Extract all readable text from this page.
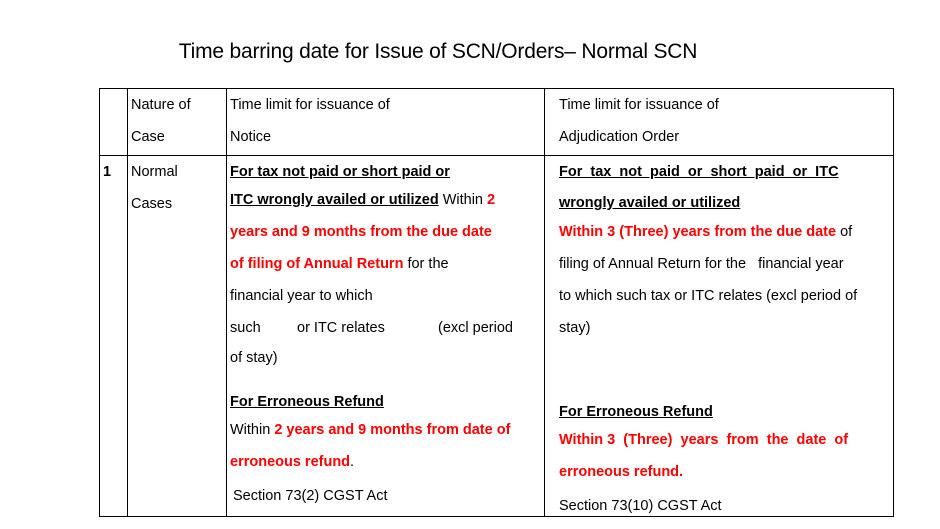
Time barring date for Issue of SCN/Orders– Normal SCN
Nature of
Case
Time limit for issuance of
Notice
Time limit for issuance of
Adjudication Order
1 Normal
Cases
For tax not paid or short paid or
ITC wrongly availed or utilized Within 2
years and 9 months from the due date
of filing of Annual Return for the
financial year to which
such	or ITC relates	(excl period
of stay)
For Erroneous Refund
Within 2 years and 9 months from date of
erroneous refund.
Section 73(2) CGST Act
For  tax  not  paid  or  short  paid  or  ITC
wrongly availed or utilized
Within 3 (Three) years from the due date of
filing of Annual Return for the   financial year
to which such tax or ITC relates (excl period of
stay)
For Erroneous Refund
Within 3  (Three)  years  from  the  date  of
erroneous refund.
Section 73(10) CGST Act
